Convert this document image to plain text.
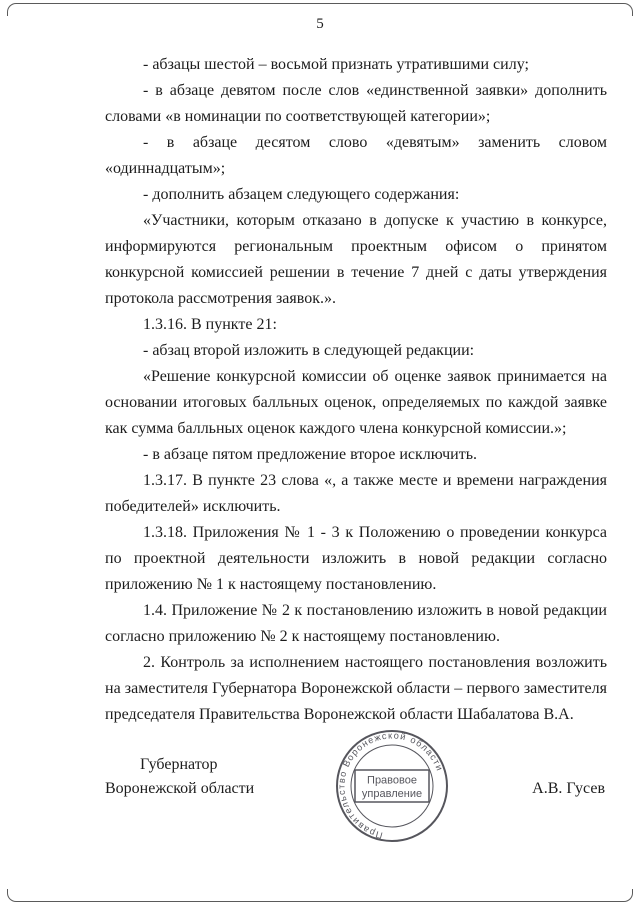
5

- абзацы шестой – восьмой признать утратившими силу;

- в абзаце девятом после слов «единственной заявки» дополнить словами «в номинации по соответствующей категории»;

- в абзаце десятом слово «девятым» заменить словом «одиннадцатым»;

- дополнить абзацем следующего содержания:

«Участники, которым отказано в допуске к участию в конкурсе, информируются региональным проектным офисом о принятом конкурсной комиссией решении в течение 7 дней с даты утверждения протокола рассмотрения заявок.».

1.3.16. В пункте 21:

- абзац второй изложить в следующей редакции:

«Решение конкурсной комиссии об оценке заявок принимается на основании итоговых балльных оценок, определяемых по каждой заявке как сумма балльных оценок каждого члена конкурсной комиссии.»;

- в абзаце пятом предложение второе исключить.

1.3.17. В пункте 23 слова «, а также месте и времени награждения победителей» исключить.

1.3.18. Приложения № 1 - 3 к Положению о проведении конкурса по проектной деятельности изложить в новой редакции согласно приложению № 1 к настоящему постановлению.

1.4. Приложение № 2 к постановлению изложить в новой редакции согласно приложению № 2 к настоящему постановлению.

2. Контроль за исполнением настоящего постановления возложить на заместителя Губернатора Воронежской области – первого заместителя председателя Правительства Воронежской области Шабалатова В.А.

Губернатор
Воронежской области	А.В. Гусев
Правительство Воронежской области
Правовое
управление
